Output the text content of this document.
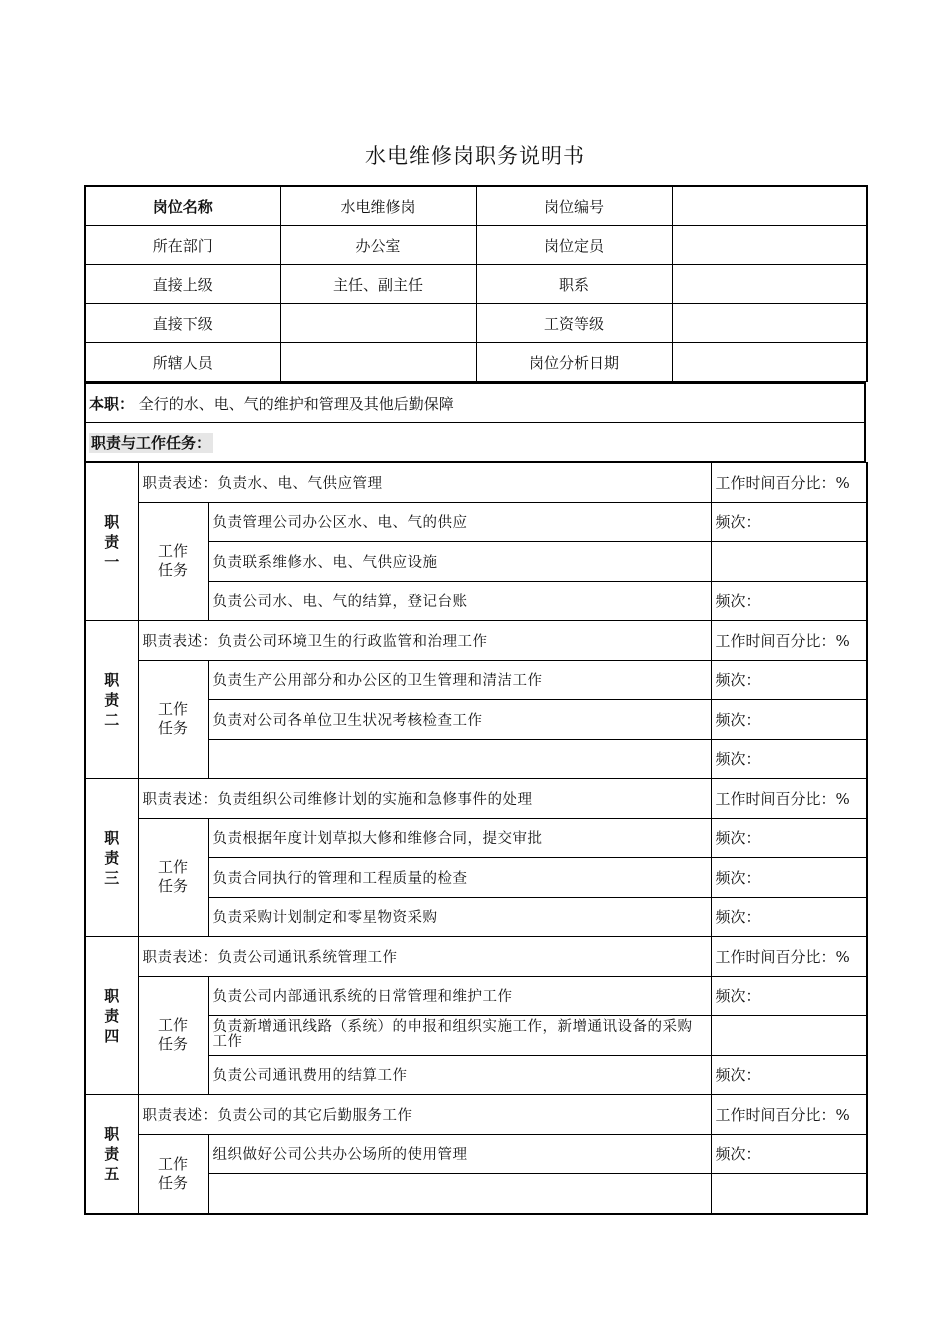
水电维修岗职务说明书
岗位名称	水电维修岗	岗位编号	
所在部门	办公室	岗位定员	
直接上级	主任、副主任	职系	
直接下级		工资等级	
所辖人员		岗位分析日期	
本职： 全行的水、电、气的维护和管理及其他后勤保障
职责与工作任务：
职
责
一	职责表述：负责水、电、气供应管理		工作时间百分比：%

	工作
任务	负责管理公司办公区水、电、气的供应	频次：
		负责联系维修水、电、气供应设施	
		负责公司水、电、气的结算，登记台账	频次：

职
责
二	职责表述：负责公司环境卫生的行政监管和治理工作		工作时间百分比：%

	工作
任务	负责生产公用部分和办公区的卫生管理和清洁工作	频次：
		负责对公司各单位卫生状况考核检查工作	频次：
			频次：

职
责
三	职责表述：负责组织公司维修计划的实施和急修事件的处理		工作时间百分比：%

	工作
任务	负责根据年度计划草拟大修和维修合同，提交审批	频次：
		负责合同执行的管理和工程质量的检查	频次：
		负责采购计划制定和零星物资采购	频次：

职
责
四	职责表述：负责公司通讯系统管理工作		工作时间百分比：%

	工作
任务	负责公司内部通讯系统的日常管理和维护工作	频次：
		负责新增通讯线路（系统）的申报和组织实施工作，新增通讯设备的采购工作	
		负责公司通讯费用的结算工作	频次：

职
责
五	职责表述：负责公司的其它后勤服务工作		工作时间百分比：%

	工作
任务	组织做好公司公共办公场所的使用管理	频次：
